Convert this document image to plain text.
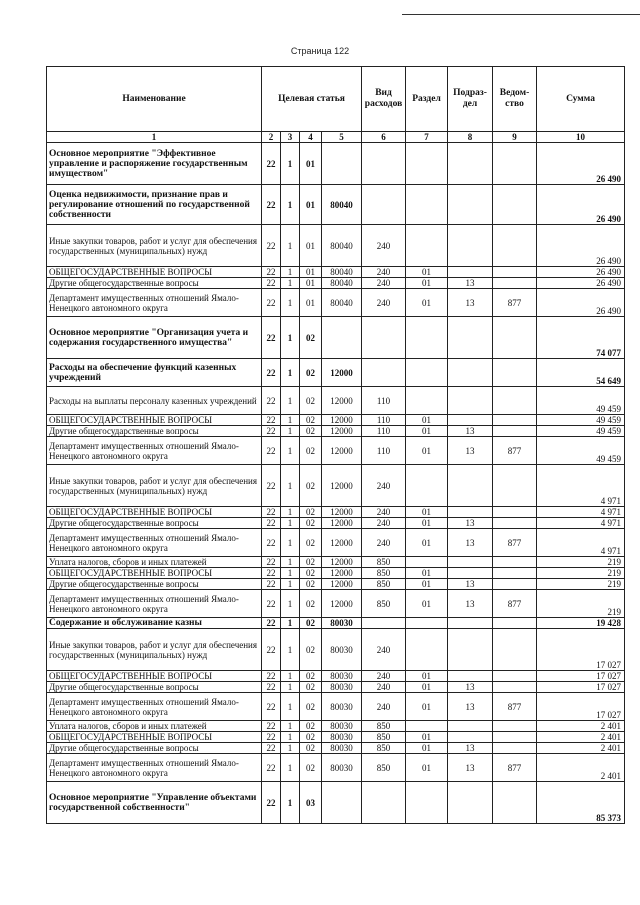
Страница 122
Наименование	Целевая статья				Вид расходов	Раздел	Подраз-дел	Ведом-ство	Сумма
1	2	3	4	5	6	7	8	9	10
Основное мероприятие "Эффективное управление и распоряжение государственным имуществом"	22	1	01						26 490
Оценка недвижимости, признание прав и регулирование отношений по государственной собственности	22	1	01	80040					26 490
Иные закупки товаров, работ и услуг для обеспечения государственных (муниципальных) нужд	22	1	01	80040	240				26 490
ОБЩЕГОСУДАРСТВЕННЫЕ ВОПРОСЫ	22	1	01	80040	240	01			26 490
Другие общегосударственные вопросы	22	1	01	80040	240	01	13		26 490
Департамент имущественных отношений Ямало-Ненецкого автономного округа	22	1	01	80040	240	01	13	877	26 490
Основное мероприятие "Организация учета и содержания государственного имущества"	22	1	02						74 077
Расходы на обеспечение функций казенных учреждений	22	1	02	12000					54 649
Расходы на выплаты персоналу казенных учреждений	22	1	02	12000	110				49 459
ОБЩЕГОСУДАРСТВЕННЫЕ ВОПРОСЫ	22	1	02	12000	110	01			49 459
Другие общегосударственные вопросы	22	1	02	12000	110	01	13		49 459
Департамент имущественных отношений Ямало-Ненецкого автономного округа	22	1	02	12000	110	01	13	877	49 459
Иные закупки товаров, работ и услуг для обеспечения государственных (муниципальных) нужд	22	1	02	12000	240				4 971
ОБЩЕГОСУДАРСТВЕННЫЕ ВОПРОСЫ	22	1	02	12000	240	01			4 971
Другие общегосударственные вопросы	22	1	02	12000	240	01	13		4 971
Департамент имущественных отношений Ямало-Ненецкого автономного округа	22	1	02	12000	240	01	13	877	4 971
Уплата налогов, сборов и иных платежей	22	1	02	12000	850				219
ОБЩЕГОСУДАРСТВЕННЫЕ ВОПРОСЫ	22	1	02	12000	850	01			219
Другие общегосударственные вопросы	22	1	02	12000	850	01	13		219
Департамент имущественных отношений Ямало-Ненецкого автономного округа	22	1	02	12000	850	01	13	877	219
Содержание и обслуживание казны	22	1	02	80030					19 428
Иные закупки товаров, работ и услуг для обеспечения государственных (муниципальных) нужд	22	1	02	80030	240				17 027
ОБЩЕГОСУДАРСТВЕННЫЕ ВОПРОСЫ	22	1	02	80030	240	01			17 027
Другие общегосударственные вопросы	22	1	02	80030	240	01	13		17 027
Департамент имущественных отношений Ямало-Ненецкого автономного округа	22	1	02	80030	240	01	13	877	17 027
Уплата налогов, сборов и иных платежей	22	1	02	80030	850				2 401
ОБЩЕГОСУДАРСТВЕННЫЕ ВОПРОСЫ	22	1	02	80030	850	01			2 401
Другие общегосударственные вопросы	22	1	02	80030	850	01	13		2 401
Департамент имущественных отношений Ямало-Ненецкого автономного округа	22	1	02	80030	850	01	13	877	2 401
Основное мероприятие "Управление объектами государственной собственности"	22	1	03						85 373
